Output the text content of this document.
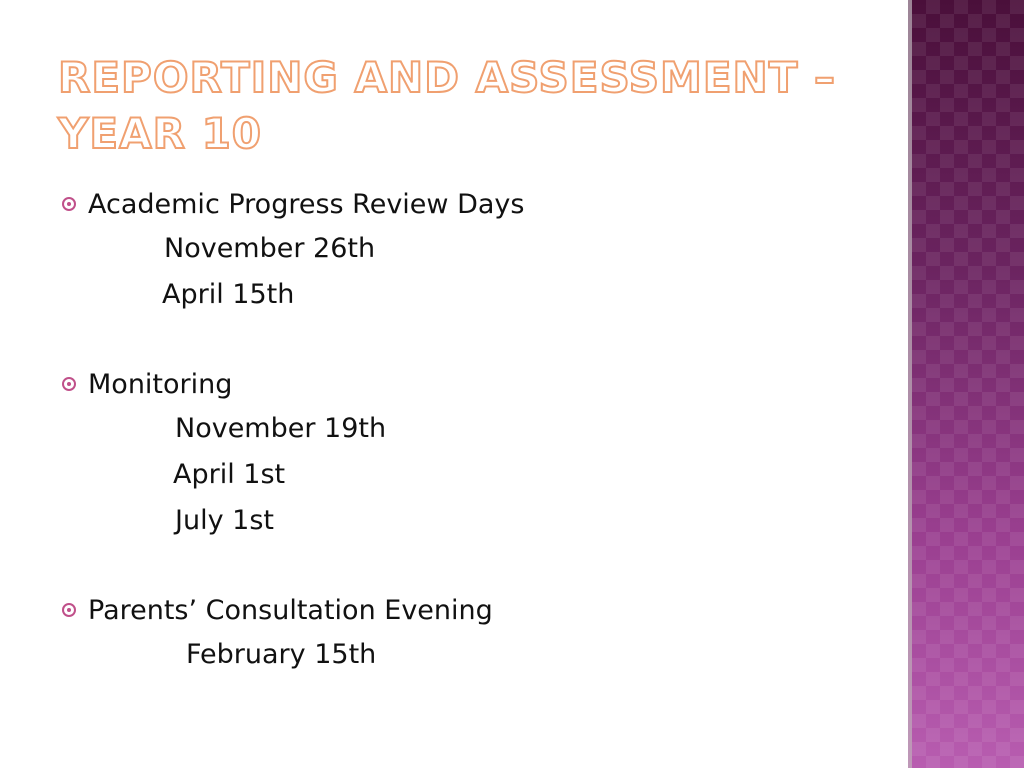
REPORTING AND ASSESSMENT – YEAR 10
Academic Progress Review Days
November 26th
April 15th
Monitoring
November 19th
April 1st
July 1st
Parents’ Consultation Evening
February 15th
